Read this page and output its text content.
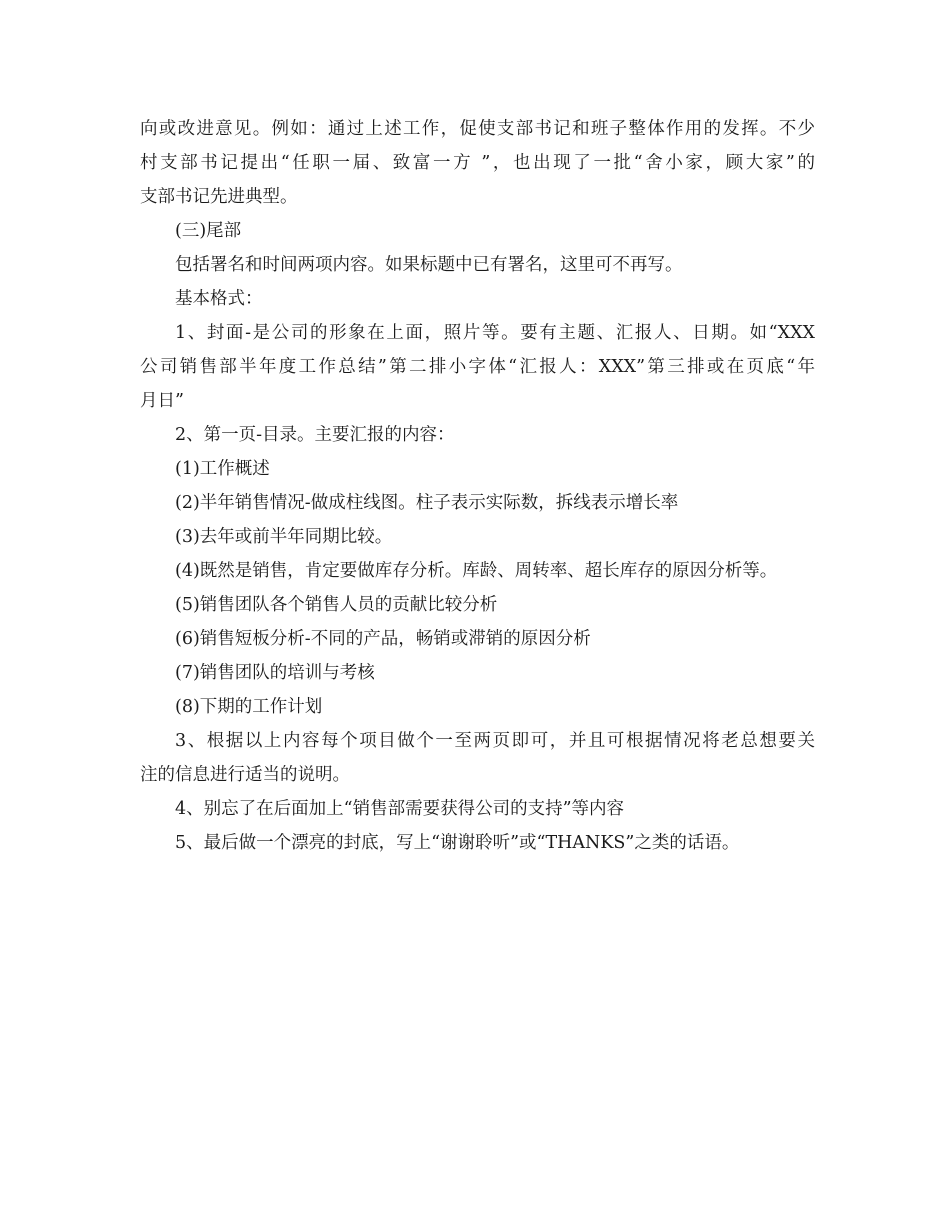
向或改进意见。例如：通过上述工作，促使支部书记和班子整体作用的发挥。不少
村支部书记提出“任职一届、致富一方 ”，也出现了一批“舍小家，顾大家”的
支部书记先进典型。
(三)尾部
包括署名和时间两项内容。如果标题中已有署名，这里可不再写。
基本格式：
1、封面-是公司的形象在上面，照片等。要有主题、汇报人、日期。如“XXX
公司销售部半年度工作总结”第二排小字体“汇报人：XXX”第三排或在页底“年
月日”
2、第一页-目录。主要汇报的内容：
(1)工作概述
(2)半年销售情况-做成柱线图。柱子表示实际数，拆线表示增长率
(3)去年或前半年同期比较。
(4)既然是销售，肯定要做库存分析。库龄、周转率、超长库存的原因分析等。
(5)销售团队各个销售人员的贡献比较分析
(6)销售短板分析-不同的产品，畅销或滞销的原因分析
(7)销售团队的培训与考核
(8)下期的工作计划
3、根据以上内容每个项目做个一至两页即可，并且可根据情况将老总想要关
注的信息进行适当的说明。
4、别忘了在后面加上“销售部需要获得公司的支持”等内容
5、最后做一个漂亮的封底，写上“谢谢聆听”或“THANKS”之类的话语。
